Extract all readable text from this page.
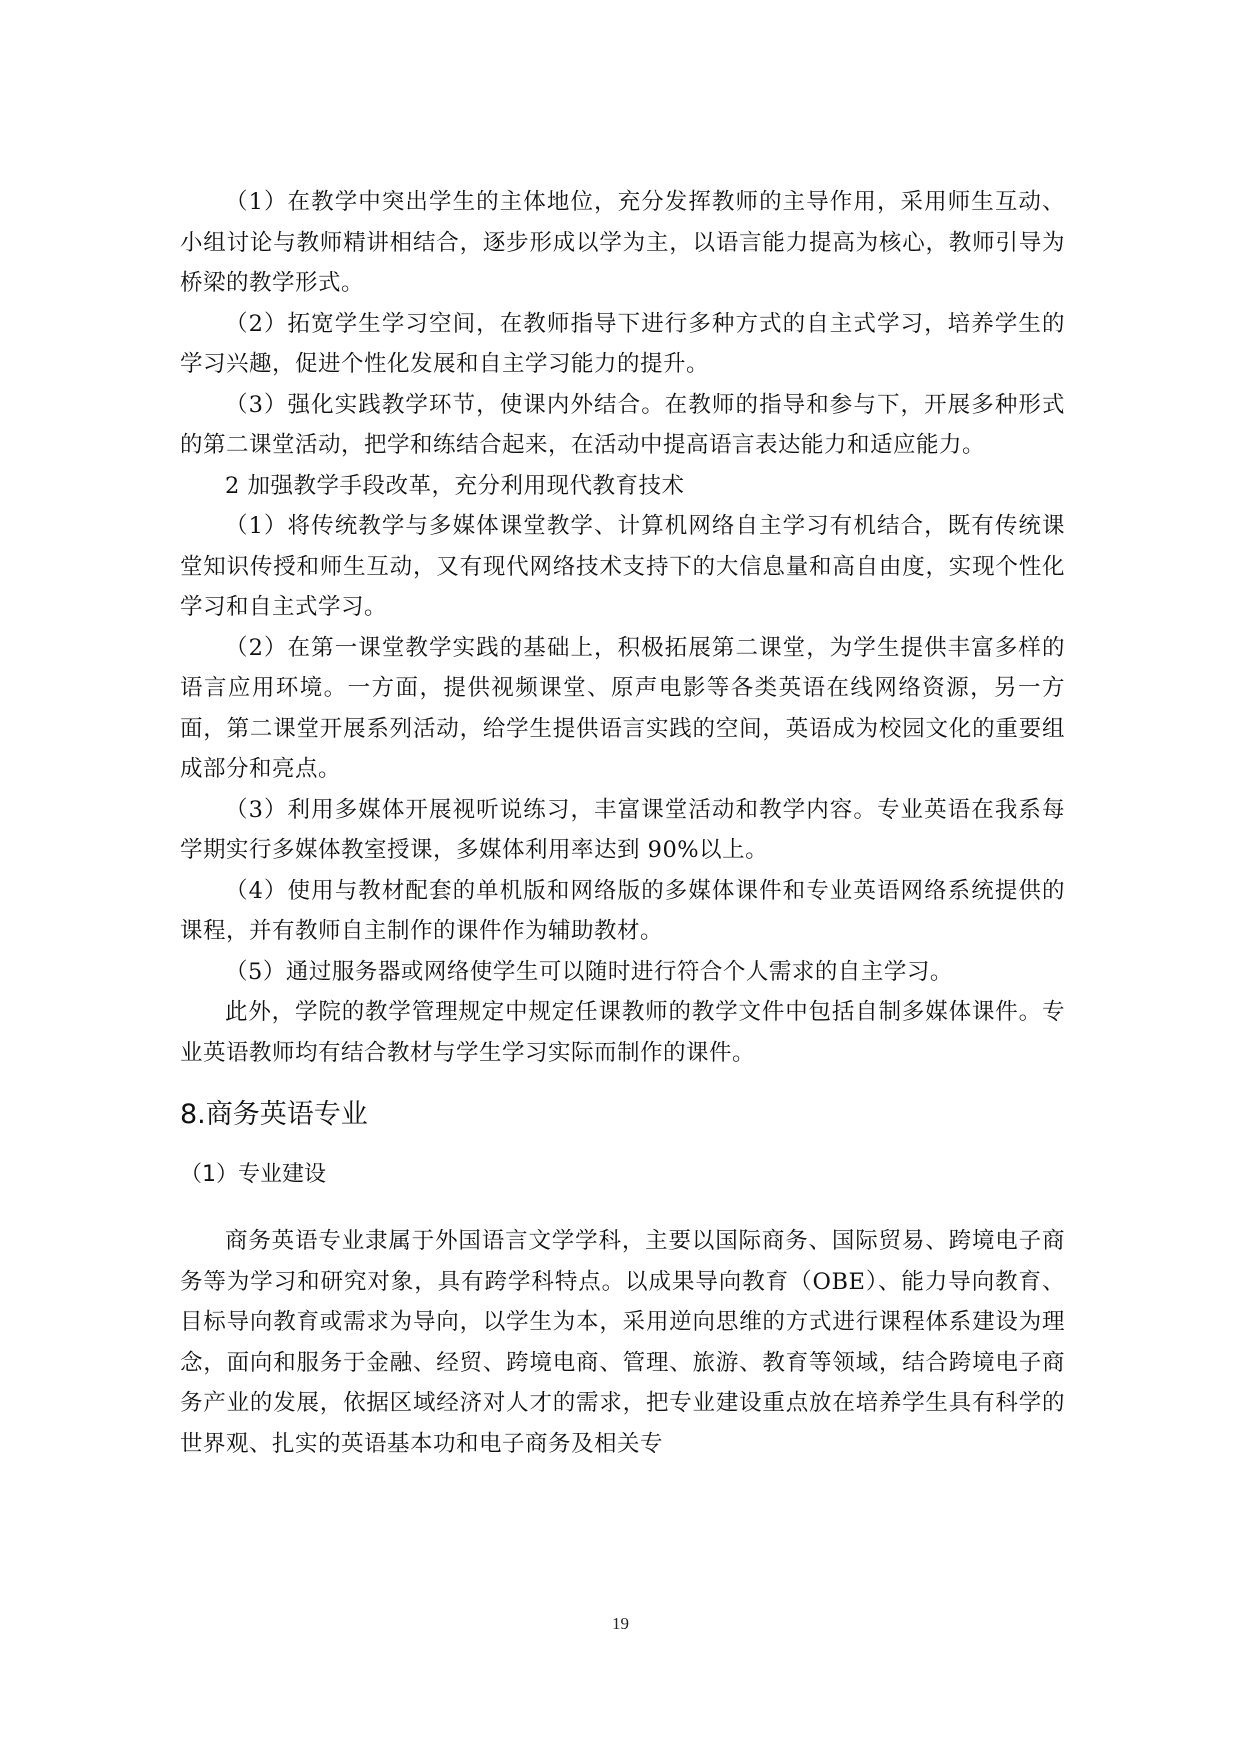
（1）在教学中突出学生的主体地位，充分发挥教师的主导作用，采用师生互动、小组讨论与教师精讲相结合，逐步形成以学为主，以语言能力提高为核心，教师引导为桥梁的教学形式。

（2）拓宽学生学习空间，在教师指导下进行多种方式的自主式学习，培养学生的学习兴趣，促进个性化发展和自主学习能力的提升。

（3）强化实践教学环节，使课内外结合。在教师的指导和参与下，开展多种形式的第二课堂活动，把学和练结合起来，在活动中提高语言表达能力和适应能力。

2 加强教学手段改革，充分利用现代教育技术

（1）将传统教学与多媒体课堂教学、计算机网络自主学习有机结合，既有传统课堂知识传授和师生互动，又有现代网络技术支持下的大信息量和高自由度，实现个性化学习和自主式学习。

（2）在第一课堂教学实践的基础上，积极拓展第二课堂，为学生提供丰富多样的语言应用环境。一方面，提供视频课堂、原声电影等各类英语在线网络资源，另一方面，第二课堂开展系列活动，给学生提供语言实践的空间，英语成为校园文化的重要组成部分和亮点。

（3）利用多媒体开展视听说练习，丰富课堂活动和教学内容。专业英语在我系每学期实行多媒体教室授课，多媒体利用率达到 90%以上。

（4）使用与教材配套的单机版和网络版的多媒体课件和专业英语网络系统提供的课程，并有教师自主制作的课件作为辅助教材。

（5）通过服务器或网络使学生可以随时进行符合个人需求的自主学习。

此外，学院的教学管理规定中规定任课教师的教学文件中包括自制多媒体课件。专业英语教师均有结合教材与学生学习实际而制作的课件。

8.商务英语专业
（1）专业建设

商务英语专业隶属于外国语言文学学科，主要以国际商务、国际贸易、跨境电子商务等为学习和研究对象，具有跨学科特点。以成果导向教育（OBE）、能力导向教育、目标导向教育或需求为导向，以学生为本，采用逆向思维的方式进行课程体系建设为理念，面向和服务于金融、经贸、跨境电商、管理、旅游、教育等领域，结合跨境电子商务产业的发展，依据区域经济对人才的需求，把专业建设重点放在培养学生具有科学的世界观、扎实的英语基本功和电子商务及相关专

19
